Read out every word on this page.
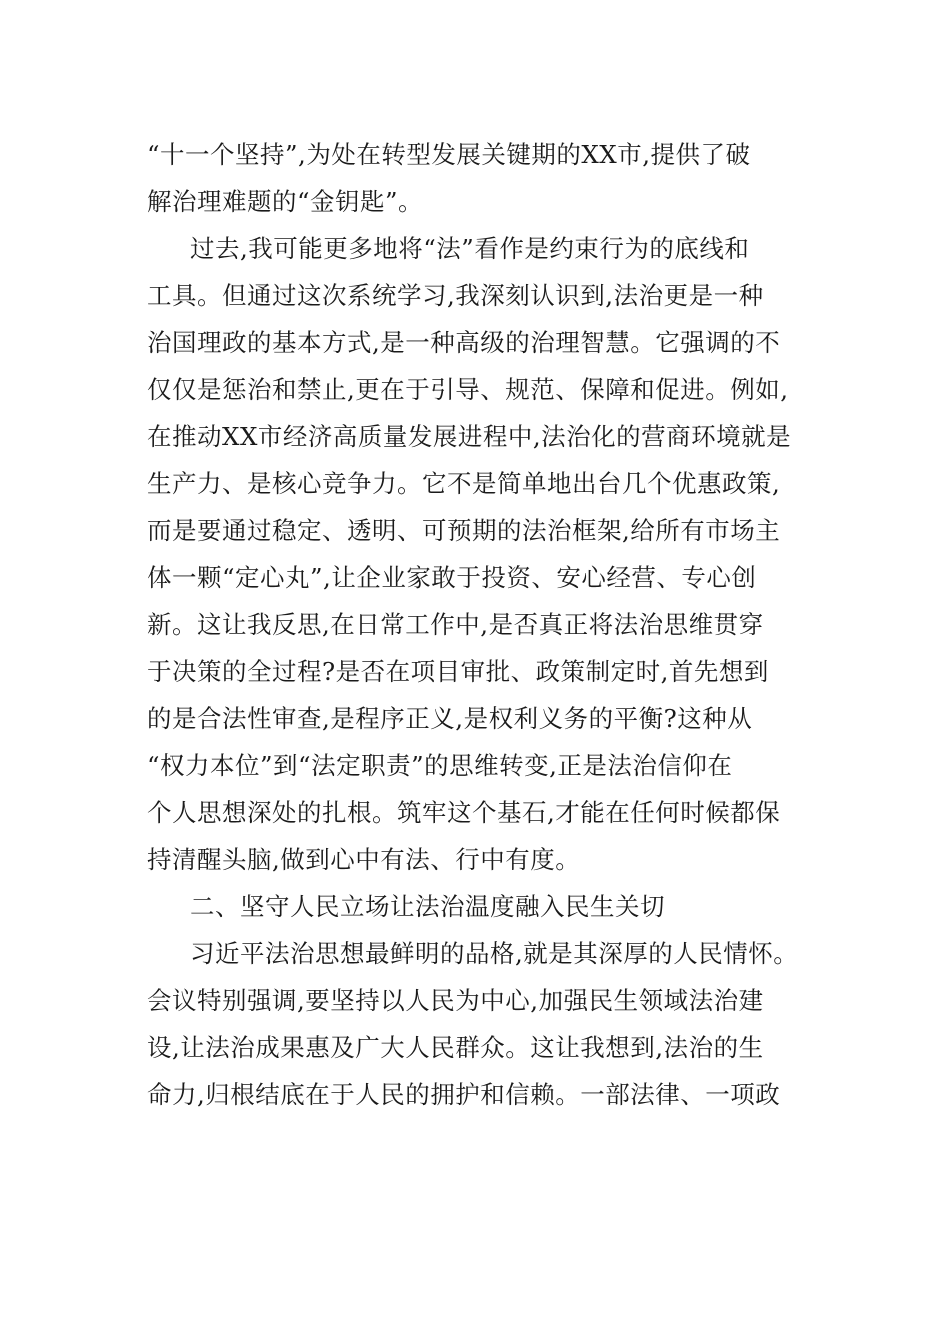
“十一个坚持”,为处在转型发展关键期的XX市,提供了破
解治理难题的“金钥匙”。
过去,我可能更多地将“法”看作是约束行为的底线和
工具。但通过这次系统学习,我深刻认识到,法治更是一种
治国理政的基本方式,是一种高级的治理智慧。它强调的不
仅仅是惩治和禁止,更在于引导、规范、保障和促进。例如,
在推动XX市经济高质量发展进程中,法治化的营商环境就是
生产力、是核心竞争力。它不是简单地出台几个优惠政策,
而是要通过稳定、透明、可预期的法治框架,给所有市场主
体一颗“定心丸”,让企业家敢于投资、安心经营、专心创
新。这让我反思,在日常工作中,是否真正将法治思维贯穿
于决策的全过程?是否在项目审批、政策制定时,首先想到
的是合法性审查,是程序正义,是权利义务的平衡?这种从
“权力本位”到“法定职责”的思维转变,正是法治信仰在
个人思想深处的扎根。筑牢这个基石,才能在任何时候都保
持清醒头脑,做到心中有法、行中有度。
二、坚守人民立场让法治温度融入民生关切
习近平法治思想最鲜明的品格,就是其深厚的人民情怀。
会议特别强调,要坚持以人民为中心,加强民生领域法治建
设,让法治成果惠及广大人民群众。这让我想到,法治的生
命力,归根结底在于人民的拥护和信赖。一部法律、一项政
